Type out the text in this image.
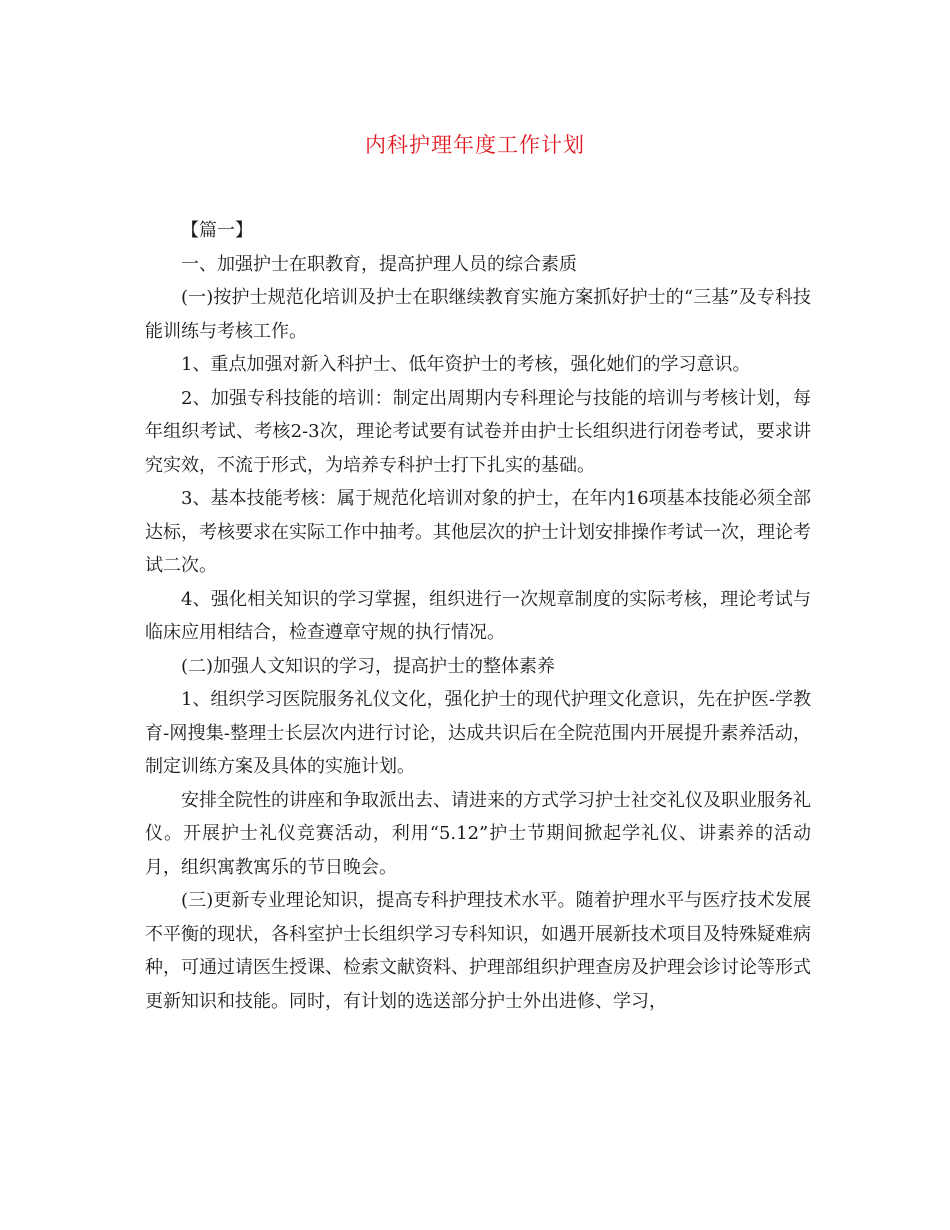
内科护理年度工作计划

【篇一】

一、加强护士在职教育，提高护理人员的综合素质

(一)按护士规范化培训及护士在职继续教育实施方案抓好护士的“三基”及专科技能训练与考核工作。

1、重点加强对新入科护士、低年资护士的考核，强化她们的学习意识。

2、加强专科技能的培训：制定出周期内专科理论与技能的培训与考核计划，每年组织考试、考核2-3次，理论考试要有试卷并由护士长组织进行闭卷考试，要求讲究实效，不流于形式，为培养专科护士打下扎实的基础。

3、基本技能考核：属于规范化培训对象的护士，在年内16项基本技能必须全部达标，考核要求在实际工作中抽考。其他层次的护士计划安排操作考试一次，理论考试二次。

4、强化相关知识的学习掌握，组织进行一次规章制度的实际考核，理论考试与临床应用相结合，检查遵章守规的执行情况。

(二)加强人文知识的学习，提高护士的整体素养

1、组织学习医院服务礼仪文化，强化护士的现代护理文化意识，先在护医-学教育-网搜集-整理士长层次内进行讨论，达成共识后在全院范围内开展提升素养活动，制定训练方案及具体的实施计划。

安排全院性的讲座和争取派出去、请进来的方式学习护士社交礼仪及职业服务礼仪。开展护士礼仪竞赛活动，利用“5.12”护士节期间掀起学礼仪、讲素养的活动月，组织寓教寓乐的节日晚会。

(三)更新专业理论知识，提高专科护理技术水平。随着护理水平与医疗技术发展不平衡的现状，各科室护士长组织学习专科知识，如遇开展新技术项目及特殊疑难病种，可通过请医生授课、检索文献资料、护理部组织护理查房及护理会诊讨论等形式更新知识和技能。同时，有计划的选送部分护士外出进修、学习，
